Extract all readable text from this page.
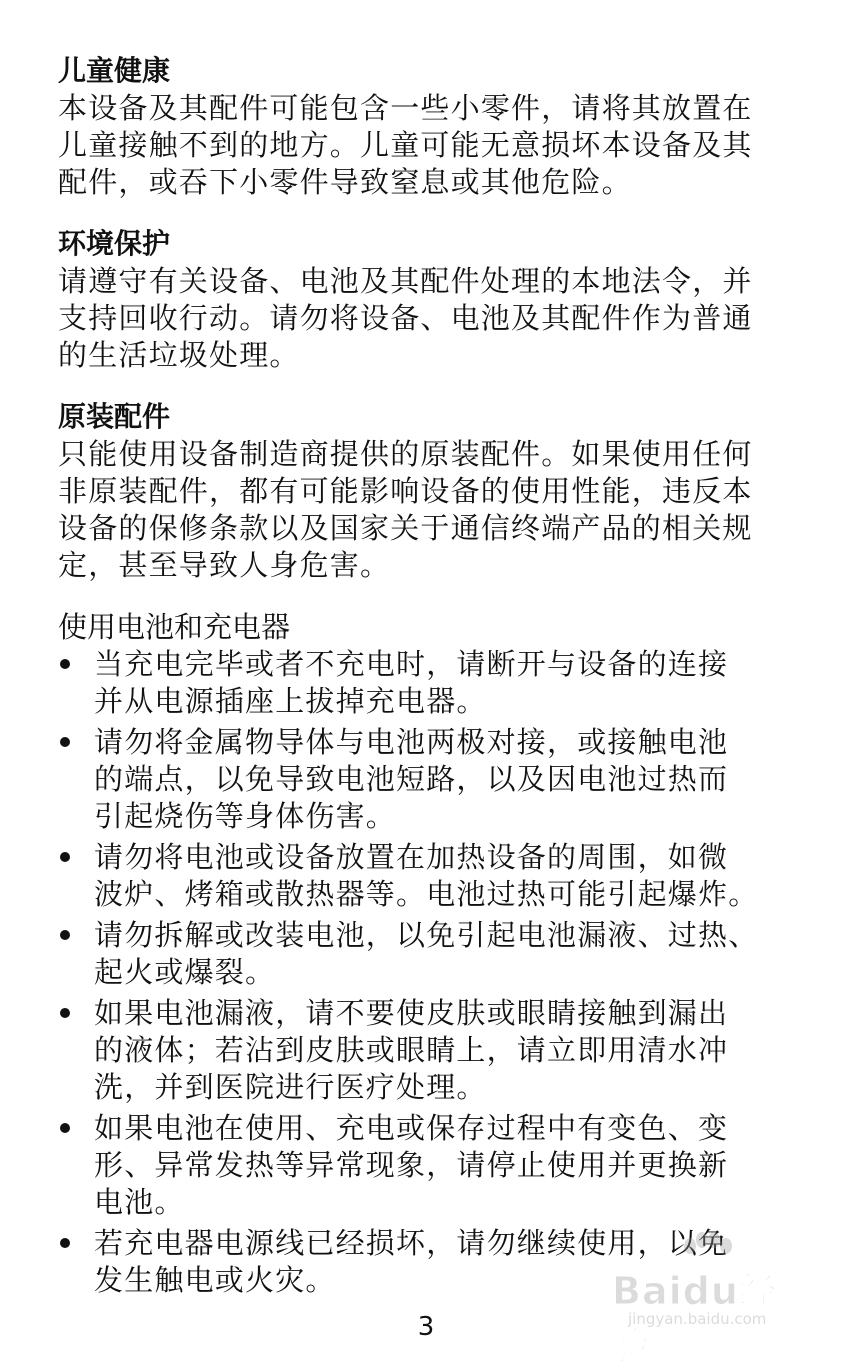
儿童健康

本设备及其配件可能包含一些小零件，请将其放置在
儿童接触不到的地方。儿童可能无意损坏本设备及其
配件，或吞下小零件导致窒息或其他危险。

环境保护

请遵守有关设备、电池及其配件处理的本地法令，并
支持回收行动。请勿将设备、电池及其配件作为普通
的生活垃圾处理。

原装配件

只能使用设备制造商提供的原装配件。如果使用任何
非原装配件，都有可能影响设备的使用性能，违反本
设备的保修条款以及国家关于通信终端产品的相关规
定，甚至导致人身危害。

使用电池和充电器

当充电完毕或者不充电时，请断开与设备的连接
并从电源插座上拔掉充电器。
请勿将金属物导体与电池两极对接，或接触电池
的端点，以免导致电池短路，以及因电池过热而
引起烧伤等身体伤害。
请勿将电池或设备放置在加热设备的周围，如微
波炉、烤箱或散热器等。电池过热可能引起爆炸。
请勿拆解或改装电池，以免引起电池漏液、过热、
起火或爆裂。
如果电池漏液，请不要使皮肤或眼睛接触到漏出
的液体；若沾到皮肤或眼睛上，请立即用清水冲
洗，并到医院进行医疗处理。
如果电池在使用、充电或保存过程中有变色、变
形、异常发热等异常现象，请停止使用并更换新
电池。
若充电器电源线已经损坏，请勿继续使用，以免
发生触电或火灾。	Baidu经验
jingyan.baidu.com
3
